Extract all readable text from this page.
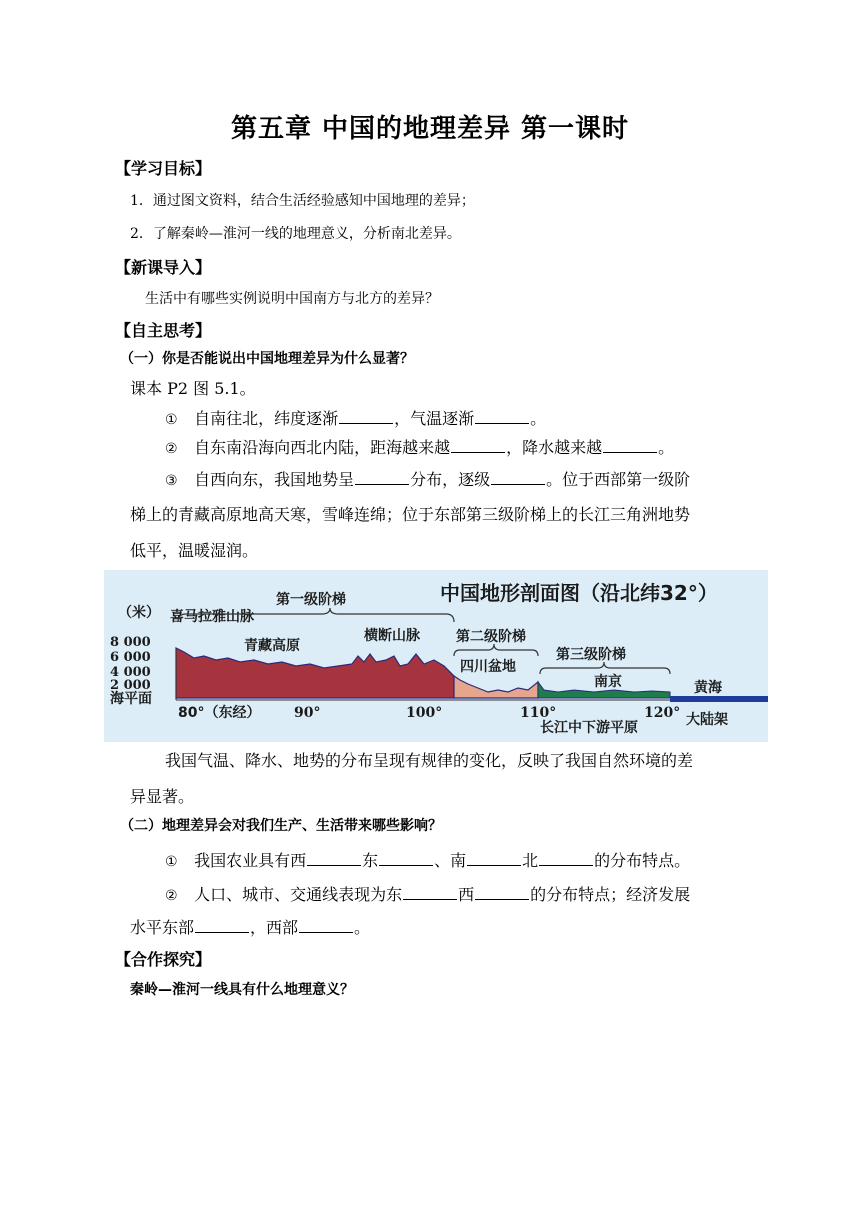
第五章 中国的地理差异 第一课时
【学习目标】
1．通过图文资料，结合生活经验感知中国地理的差异；
2．了解秦岭—淮河一线的地理意义，分析南北差异。
【新课导入】
生活中有哪些实例说明中国南方与北方的差异？
【自主思考】
（一）你是否能说出中国地理差异为什么显著？
课本 P2 图 5.1。
① 自南往北，纬度逐渐	，气温逐渐	。
② 自东南沿海向西北内陆，距海越来越	，降水越来越	。
③ 自西向东，我国地势呈	分布，逐级	。位于西部第一级阶
梯上的青藏高原地高天寒，雪峰连绵；位于东部第三级阶梯上的长江三角洲地势
低平，温暖湿润。
中国地形剖面图（沿北纬32°）
（米） 喜马拉雅山脉
第一级阶梯
第二级阶梯
第三级阶梯
青藏高原
横断山脉
四川盆地
南京	黄海
8 000
6 000
4 000
2 000
海平面
80°（东经） 90°	100°	110°	120°
长江中下游平原	大陆架
我国气温、降水、地势的分布呈现有规律的变化，反映了我国自然环境的差
异显著。
（二）地理差异会对我们生产、生活带来哪些影响？
① 我国农业具有西	东	、南	北	的分布特点。
② 人口、城市、交通线表现为东	西	的分布特点；经济发展
水平东部	，西部	。
【合作探究】
秦岭—淮河一线具有什么地理意义？
